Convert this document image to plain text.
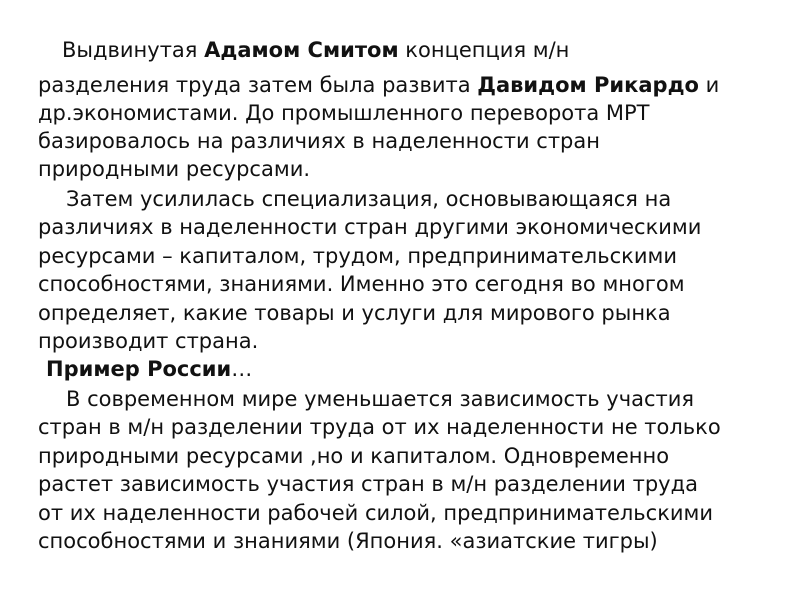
Выдвинутая Адамом Смитом концепция м/н
разделения труда затем была развита Давидом Рикардо и
др.экономистами. До промышленного переворота МРТ
базировалось на различиях в наделенности стран
природными ресурсами.
Затем усилилась специализация, основывающаяся на
различиях в наделенности стран другими экономическими
ресурсами – капиталом, трудом, предпринимательскими
способностями, знаниями. Именно это сегодня во многом
определяет, какие товары и услуги для мирового рынка
производит страна.
Пример России…
В современном мире уменьшается зависимость участия
стран в м/н разделении труда от их наделенности не только
природными ресурсами ,но и капиталом. Одновременно
растет зависимость участия стран в м/н разделении труда
от их наделенности рабочей силой, предпринимательскими
способностями и знаниями (Япония. «азиатские тигры)
